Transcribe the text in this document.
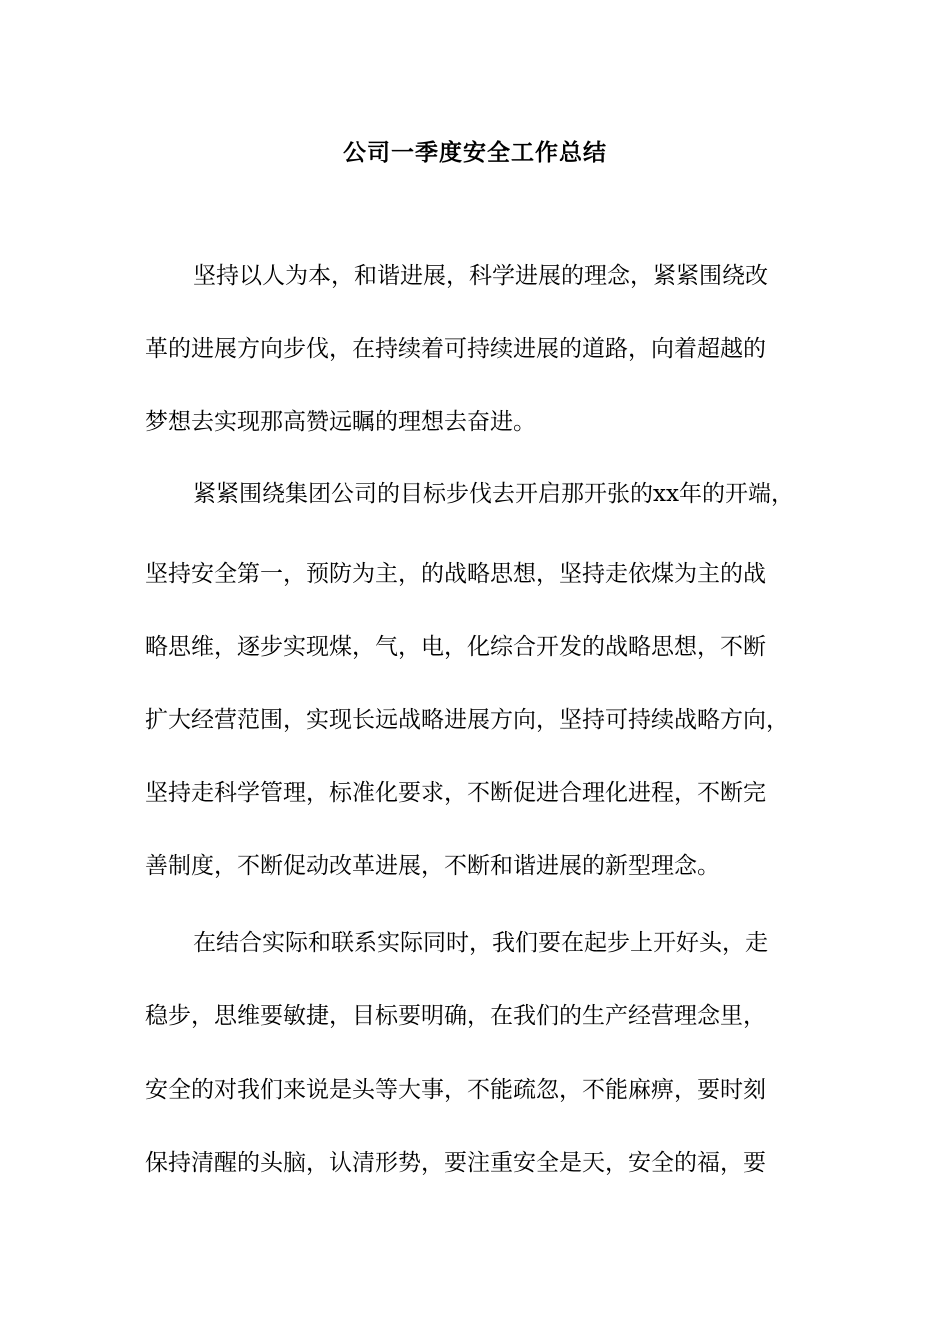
公司一季度安全工作总结

坚持以人为本，和谐进展，科学进展的理念，紧紧围绕改

革的进展方向步伐，在持续着可持续进展的道路，向着超越的

梦想去实现那高赞远瞩的理想去奋进。

紧紧围绕集团公司的目标步伐去开启那开张的xx年的开端，

坚持安全第一，预防为主，的战略思想，坚持走依煤为主的战

略思维，逐步实现煤，气，电，化综合开发的战略思想，不断

扩大经营范围，实现长远战略进展方向，坚持可持续战略方向，

坚持走科学管理，标准化要求，不断促进合理化进程，不断完

善制度，不断促动改革进展，不断和谐进展的新型理念。

在结合实际和联系实际同时，我们要在起步上开好头，走

稳步，思维要敏捷，目标要明确，在我们的生产经营理念里，

安全的对我们来说是头等大事，不能疏忽，不能麻痹，要时刻

保持清醒的头脑，认清形势，要注重安全是天，安全的福，要
